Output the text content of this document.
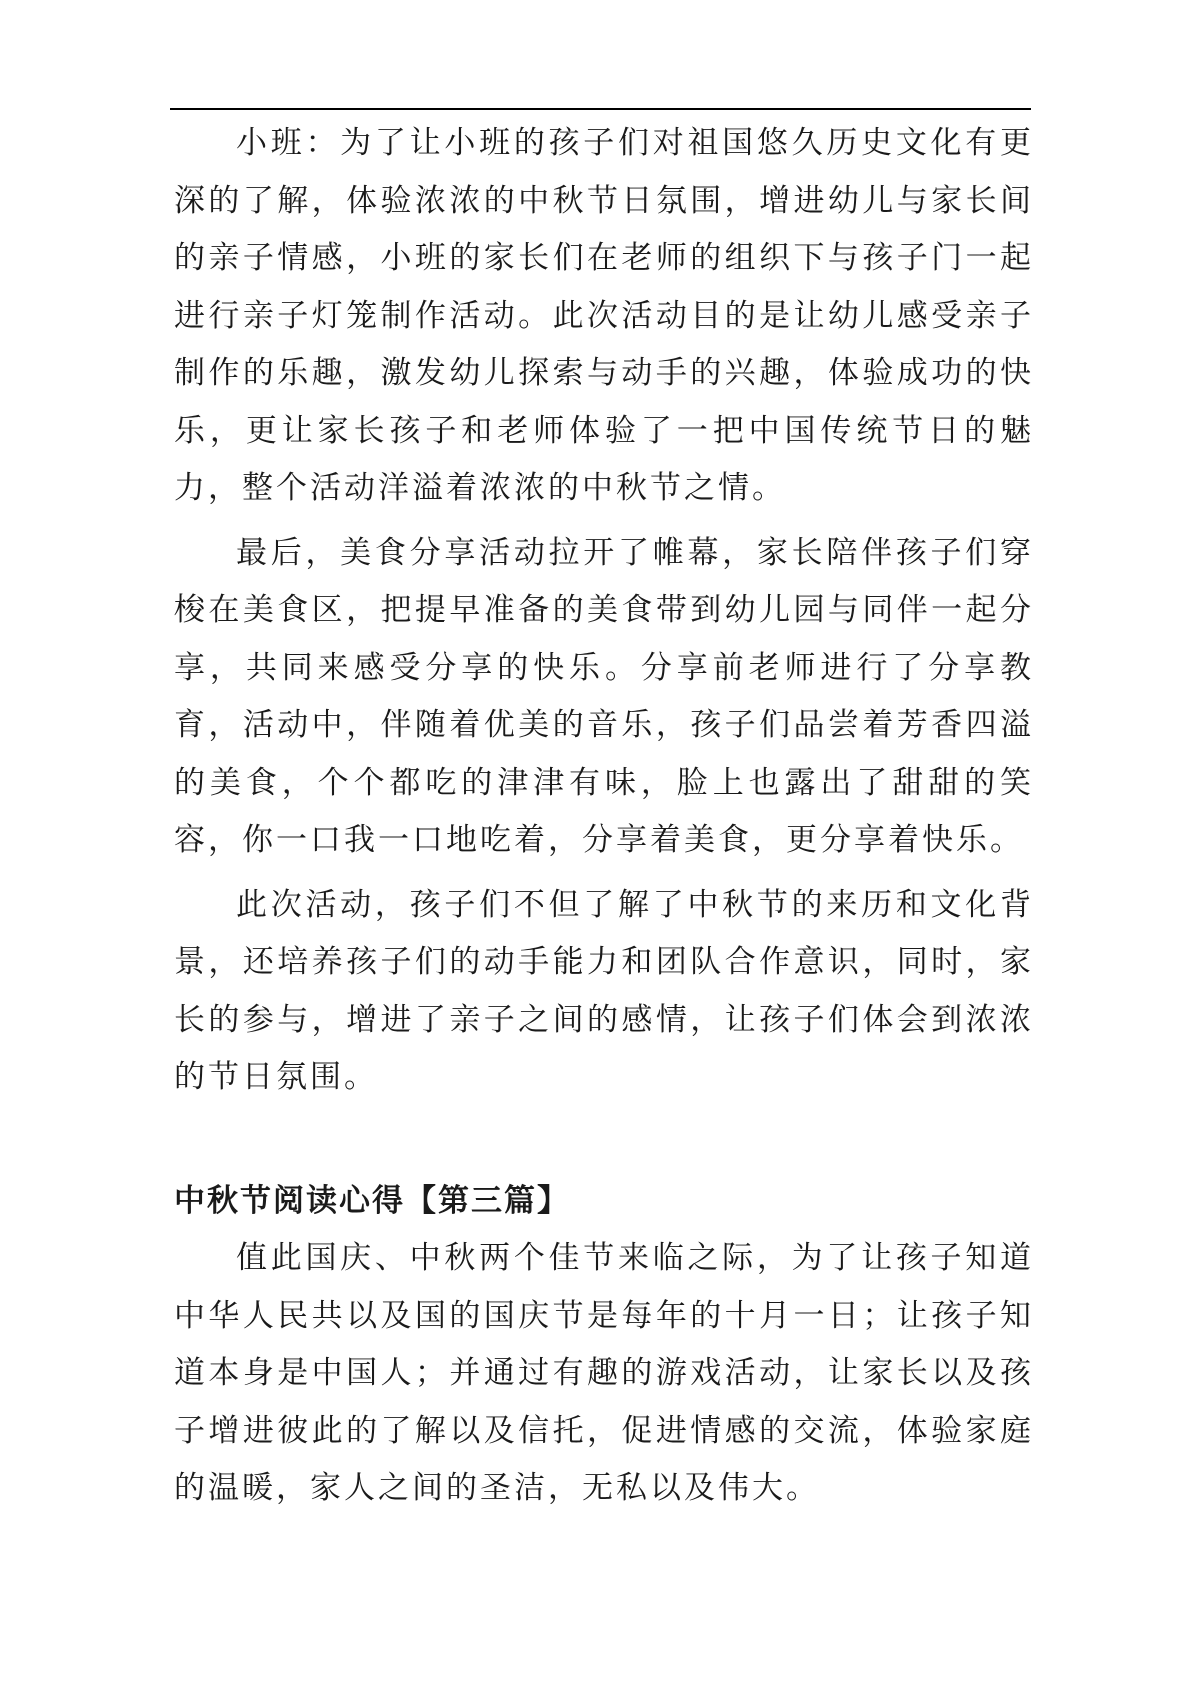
小班：为了让小班的孩子们对祖国悠久历史文化有更深的了解，体验浓浓的中秋节日氛围，增进幼儿与家长间的亲子情感，小班的家长们在老师的组织下与孩子门一起进行亲子灯笼制作活动。此次活动目的是让幼儿感受亲子制作的乐趣，激发幼儿探索与动手的兴趣，体验成功的快乐，更让家长孩子和老师体验了一把中国传统节日的魅力，整个活动洋溢着浓浓的中秋节之情。

最后，美食分享活动拉开了帷幕，家长陪伴孩子们穿梭在美食区，把提早准备的美食带到幼儿园与同伴一起分享，共同来感受分享的快乐。分享前老师进行了分享教育，活动中，伴随着优美的音乐，孩子们品尝着芳香四溢的美食，个个都吃的津津有味，脸上也露出了甜甜的笑容，你一口我一口地吃着，分享着美食，更分享着快乐。

此次活动，孩子们不但了解了中秋节的来历和文化背景，还培养孩子们的动手能力和团队合作意识，同时，家长的参与，增进了亲子之间的感情，让孩子们体会到浓浓的节日氛围。

中秋节阅读心得【第三篇】

值此国庆、中秋两个佳节来临之际，为了让孩子知道中华人民共以及国的国庆节是每年的十月一日；让孩子知道本身是中国人；并通过有趣的游戏活动，让家长以及孩子增进彼此的了解以及信托，促进情感的交流，体验家庭的温暖，家人之间的圣洁，无私以及伟大。
